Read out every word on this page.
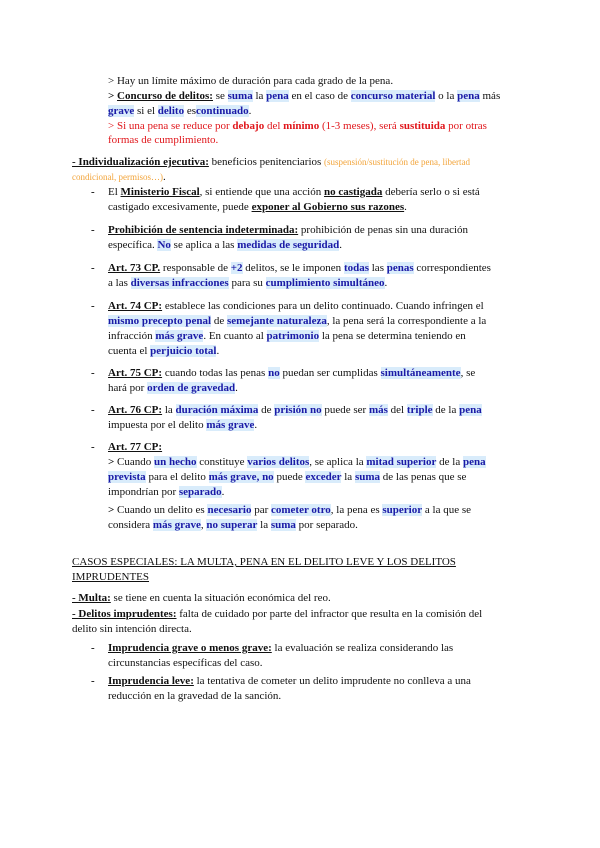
> Hay un límite máximo de duración para cada grado de la pena.
> Concurso de delitos: se suma la pena en el caso de concurso material o la pena más
grave si el delito escontinuado.
> Si una pena se reduce por debajo del mínimo (1-3 meses), será sustituida por otras
formas de cumplimiento.
- Individualización ejecutiva: beneficios penitenciarios (suspensión/sustitución de pena, libertad
condicional, permisos…).
- El Ministerio Fiscal, si entiende que una acción no castigada debería serlo o si está
castigado excesivamente, puede exponer al Gobierno sus razones.
- Prohibición de sentencia indeterminada: prohibición de penas sin una duración
específica. No se aplica a las medidas de seguridad.
- Art. 73 CP. responsable de +2 delitos, se le imponen todas las penas correspondientes
a las diversas infracciones para su cumplimiento simultáneo.
- Art. 74 CP: establece las condiciones para un delito continuado. Cuando infringen el
mismo precepto penal de semejante naturaleza, la pena será la correspondiente a la
infracción más grave. En cuanto al patrimonio la pena se determina teniendo en
cuenta el perjuicio total.
- Art. 75 CP: cuando todas las penas no puedan ser cumplidas simultáneamente, se
hará por orden de gravedad.
- Art. 76 CP: la duración máxima de prisión no puede ser más del triple de la pena
impuesta por el delito más grave.
- Art. 77 CP:
> Cuando un hecho constituye varios delitos, se aplica la mitad superior de la pena
prevista para el delito más grave, no puede exceder la suma de las penas que se
impondrían por separado.
> Cuando un delito es necesario par cometer otro, la pena es superior a la que se
considera más grave, no superar la suma por separado.
CASOS ESPECIALES: LA MULTA, PENA EN EL DELITO LEVE Y LOS DELITOS
IMPRUDENTES
- Multa: se tiene en cuenta la situación económica del reo.
- Delitos imprudentes: falta de cuidado por parte del infractor que resulta en la comisión del
delito sin intención directa.
- Imprudencia grave o menos grave: la evaluación se realiza considerando las
circunstancias específicas del caso.
- Imprudencia leve: la tentativa de cometer un delito imprudente no conlleva a una
reducción en la gravedad de la sanción.
